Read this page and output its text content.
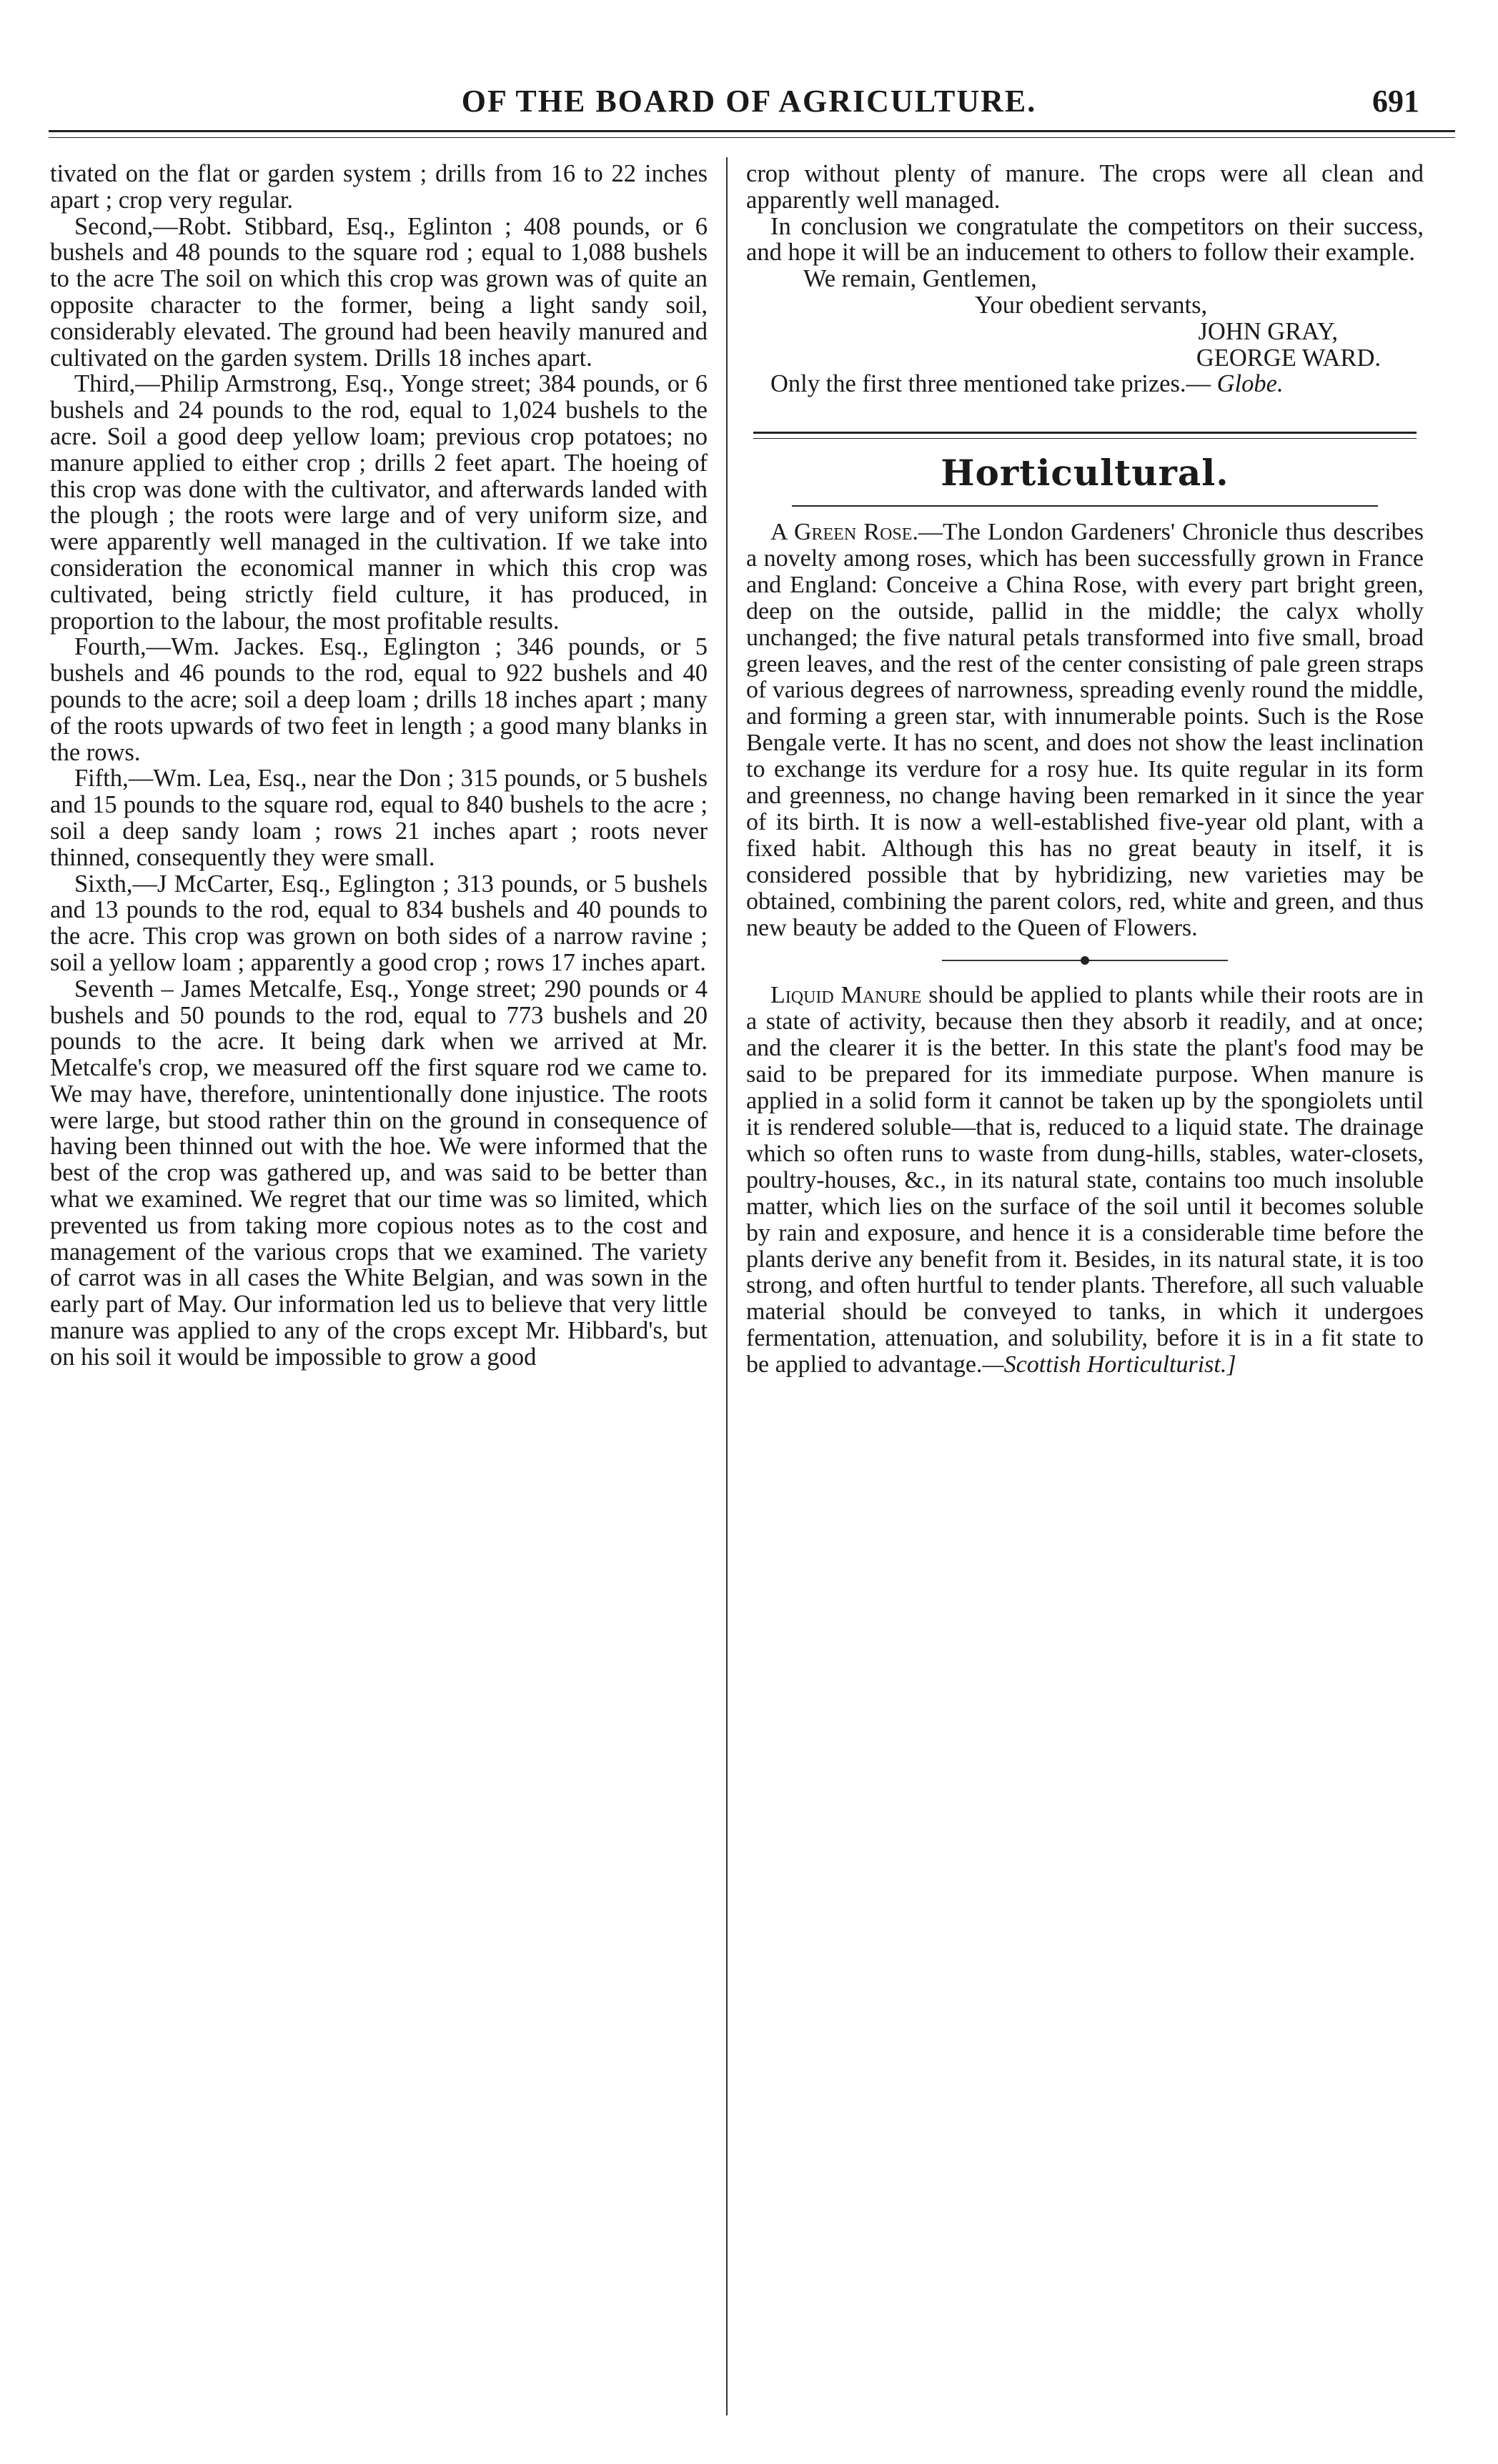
OF THE BOARD OF AGRICULTURE.	691

tivated on the flat or garden system ; drills from 16 to 22 inches apart ; crop very regular.

Second,—Robt. Stibbard, Esq., Eglinton ; 408 pounds, or 6 bushels and 48 pounds to the square rod ; equal to 1,088 bushels to the acre The soil on which this crop was grown was of quite an opposite character to the former, being a light sandy soil, considerably elevated. The ground had been heavily manured and cultivated on the garden system. Drills 18 inches apart.

Third,—Philip Armstrong, Esq., Yonge street; 384 pounds, or 6 bushels and 24 pounds to the rod, equal to 1,024 bushels to the acre. Soil a good deep yellow loam; previous crop potatoes; no manure applied to either crop ; drills 2 feet apart. The hoeing of this crop was done with the cultivator, and afterwards landed with the plough ; the roots were large and of very uniform size, and were apparently well managed in the cultivation. If we take into consideration the economical manner in which this crop was cultivated, being strictly field culture, it has produced, in proportion to the labour, the most profitable results.

Fourth,—Wm. Jackes. Esq., Eglington ; 346 pounds, or 5 bushels and 46 pounds to the rod, equal to 922 bushels and 40 pounds to the acre; soil a deep loam ; drills 18 inches apart ; many of the roots upwards of two feet in length ; a good many blanks in the rows.

Fifth,—Wm. Lea, Esq., near the Don ; 315 pounds, or 5 bushels and 15 pounds to the square rod, equal to 840 bushels to the acre ; soil a deep sandy loam ; rows 21 inches apart ; roots never thinned, consequently they were small.

Sixth,—J McCarter, Esq., Eglington ; 313 pounds, or 5 bushels and 13 pounds to the rod, equal to 834 bushels and 40 pounds to the acre. This crop was grown on both sides of a narrow ravine ; soil a yellow loam ; apparently a good crop ; rows 17 inches apart.

Seventh – James Metcalfe, Esq., Yonge street; 290 pounds or 4 bushels and 50 pounds to the rod, equal to 773 bushels and 20 pounds to the acre. It being dark when we arrived at Mr. Metcalfe's crop, we measured off the first square rod we came to. We may have, therefore, unintentionally done injustice. The roots were large, but stood rather thin on the ground in consequence of having been thinned out with the hoe. We were informed that the best of the crop was gathered up, and was said to be better than what we examined. We regret that our time was so limited, which prevented us from taking more copious notes as to the cost and management of the various crops that we examined. The variety of carrot was in all cases the White Belgian, and was sown in the early part of May. Our information led us to believe that very little manure was applied to any of the crops except Mr. Hibbard's, but on his soil it would be impossible to grow a good

crop without plenty of manure. The crops were all clean and apparently well managed.

In conclusion we congratulate the competitors on their success, and hope it will be an inducement to others to follow their example.

We remain, Gentlemen,

Your obedient servants,

JOHN GRAY,

GEORGE WARD.

Only the first three mentioned take prizes.— Globe.

Horticultural.

A Green Rose.—The London Gardeners' Chronicle thus describes a novelty among roses, which has been successfully grown in France and England: Conceive a China Rose, with every part bright green, deep on the outside, pallid in the middle; the calyx wholly unchanged; the five natural petals transformed into five small, broad green leaves, and the rest of the center consisting of pale green straps of various degrees of narrowness, spreading evenly round the middle, and forming a green star, with innumerable points. Such is the Rose Bengale verte. It has no scent, and does not show the least inclination to exchange its verdure for a rosy hue. Its quite regular in its form and greenness, no change having been remarked in it since the year of its birth. It is now a well-established five-year old plant, with a fixed habit. Although this has no great beauty in itself, it is considered possible that by hybridizing, new varieties may be obtained, combining the parent colors, red, white and green, and thus new beauty be added to the Queen of Flowers.

Liquid Manure should be applied to plants while their roots are in a state of activity, because then they absorb it readily, and at once; and the clearer it is the better. In this state the plant's food may be said to be prepared for its immediate purpose. When manure is applied in a solid form it cannot be taken up by the spongiolets until it is rendered soluble—that is, reduced to a liquid state. The drainage which so often runs to waste from dung-hills, stables, water-closets, poultry-houses, &c., in its natural state, contains too much insoluble matter, which lies on the surface of the soil until it becomes soluble by rain and exposure, and hence it is a considerable time before the plants derive any benefit from it. Besides, in its natural state, it is too strong, and often hurtful to tender plants. Therefore, all such valuable material should be conveyed to tanks, in which it undergoes fermentation, attenuation, and solubility, before it is in a fit state to be applied to advantage.—Scottish Horticulturist.]
